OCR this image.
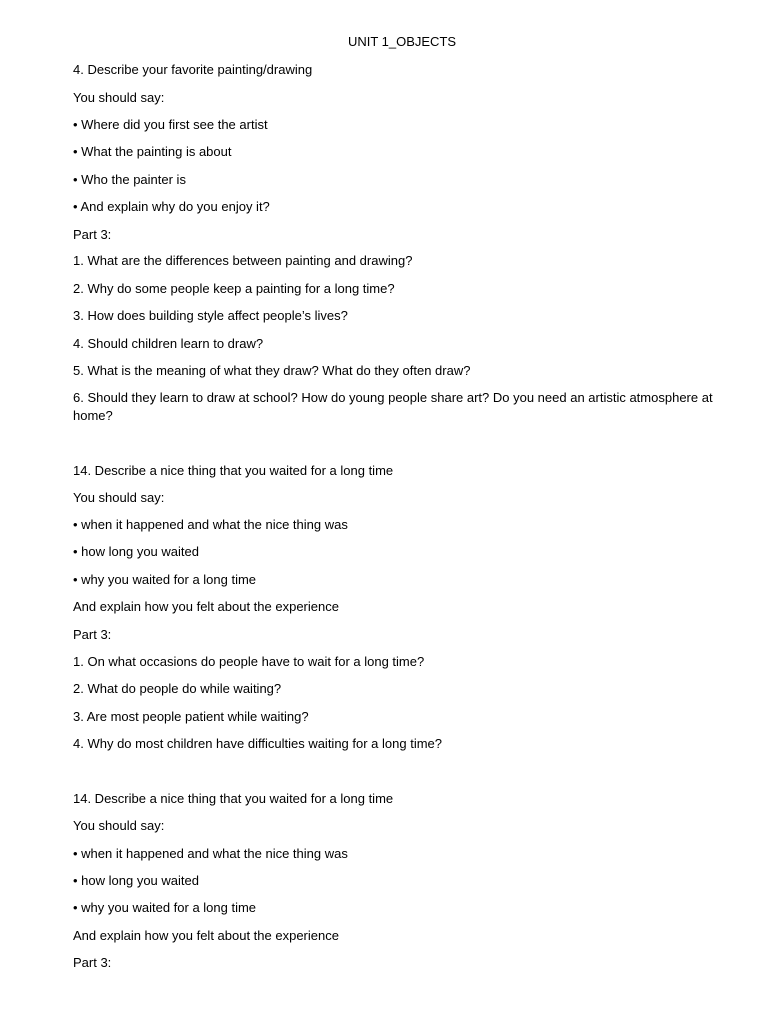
UNIT 1_OBJECTS

4. Describe your favorite painting/drawing

You should say:

• Where did you first see the artist

• What the painting is about

• Who the painter is

• And explain why do you enjoy it?

Part 3:

1. What are the differences between painting and drawing?

2. Why do some people keep a painting for a long time?

3. How does building style affect people’s lives?

4. Should children learn to draw?

5. What is the meaning of what they draw? What do they often draw?

6. Should they learn to draw at school? How do young people share art? Do you need an artistic atmosphere at home?

14. Describe a nice thing that you waited for a long time

You should say:

• when it happened and what the nice thing was

• how long you waited

• why you waited for a long time

And explain how you felt about the experience

Part 3:

1. On what occasions do people have to wait for a long time?

2. What do people do while waiting?

3. Are most people patient while waiting?

4. Why do most children have difficulties waiting for a long time?

14. Describe a nice thing that you waited for a long time

You should say:

• when it happened and what the nice thing was

• how long you waited

• why you waited for a long time

And explain how you felt about the experience

Part 3:
